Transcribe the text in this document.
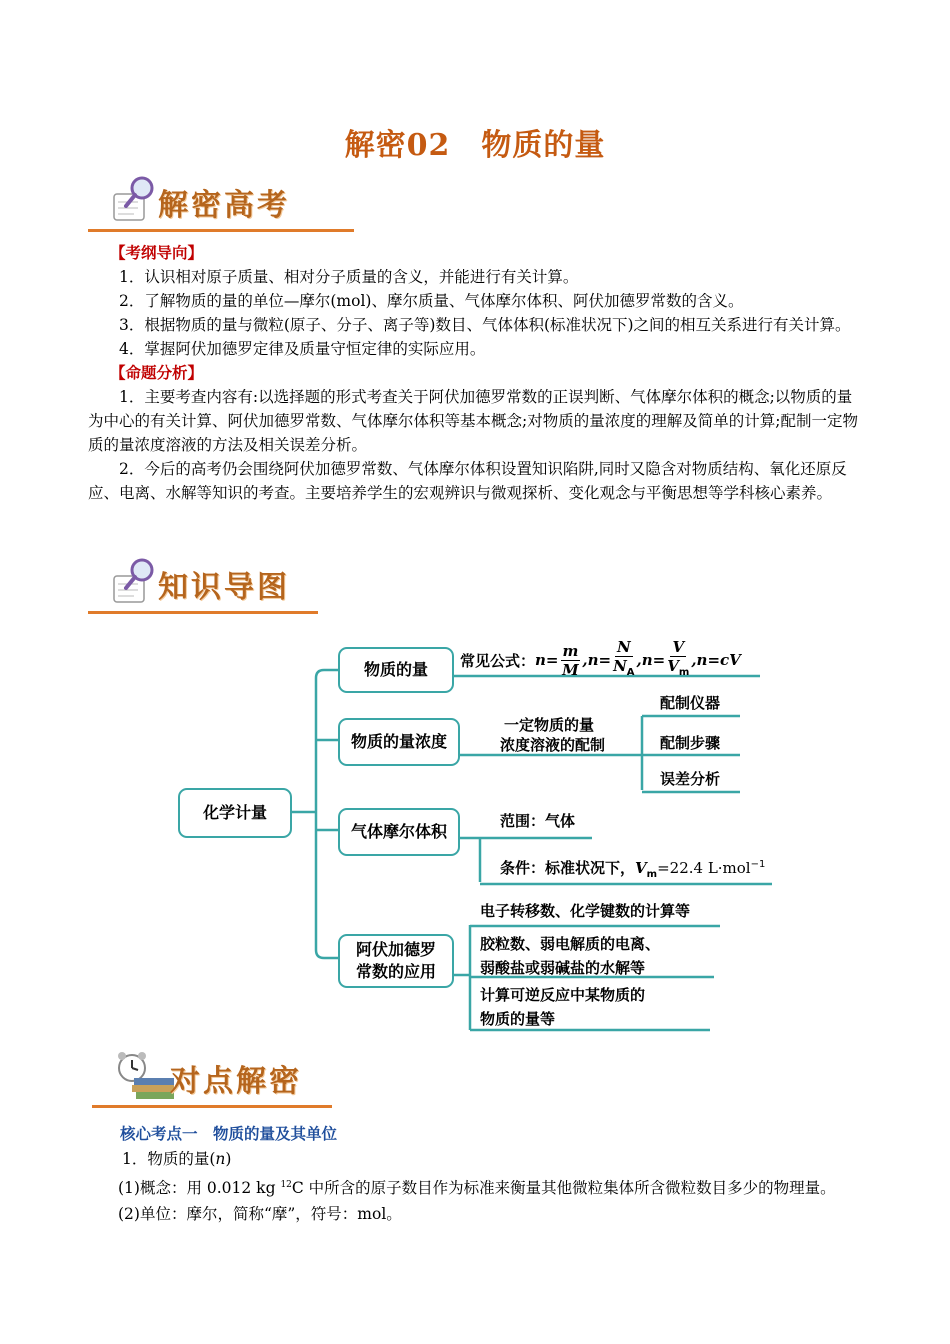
解密02　物质的量
解密高考
【考纲导向】
1．认识相对原子质量、相对分子质量的含义，并能进行有关计算。
2．了解物质的量的单位—摩尔(mol)、摩尔质量、气体摩尔体积、阿伏加德罗常数的含义。
3．根据物质的量与微粒(原子、分子、离子等)数目、气体体积(标准状况下)之间的相互关系进行有关计算。
4．掌握阿伏加德罗定律及质量守恒定律的实际应用。
【命题分析】
1．主要考查内容有:以选择题的形式考查关于阿伏加德罗常数的正误判断、气体摩尔体积的概念;以物质的量为中心的有关计算、阿伏加德罗常数、气体摩尔体积等基本概念;对物质的量浓度的理解及简单的计算;配制一定物质的量浓度溶液的方法及相关误差分析。
2．今后的高考仍会围绕阿伏加德罗常数、气体摩尔体积设置知识陷阱,同时又隐含对物质结构、氧化还原反应、电离、水解等知识的考查。主要培养学生的宏观辨识与微观探析、变化观念与平衡思想等学科核心素养。
知识导图
化学计量
物质的量
物质的量浓度
气体摩尔体积
阿伏加德罗
常数的应用
常见公式： $n= \frac{m}{M} ,n= \frac{N}{N_A} ,n= \frac{V}{V_m} ,n=cV$
一定物质的量
浓度溶液的配制
配制仪器
配制步骤
误差分析
范围：气体
条件：标准状况下，$V_m=22.4$ L·mol$^{-1}$
电子转移数、化学键数的计算等
胶粒数、弱电解质的电离、
弱酸盐或弱碱盐的水解等
计算可逆反应中某物质的
物质的量等
对点解密
核心考点一　物质的量及其单位
1．物质的量(n)
(1)概念：用 0.012 kg $^{12}$C 中所含的原子数目作为标准来衡量其他微粒集体所含微粒数目多少的物理量。
(2)单位：摩尔，简称“摩”，符号：mol。
